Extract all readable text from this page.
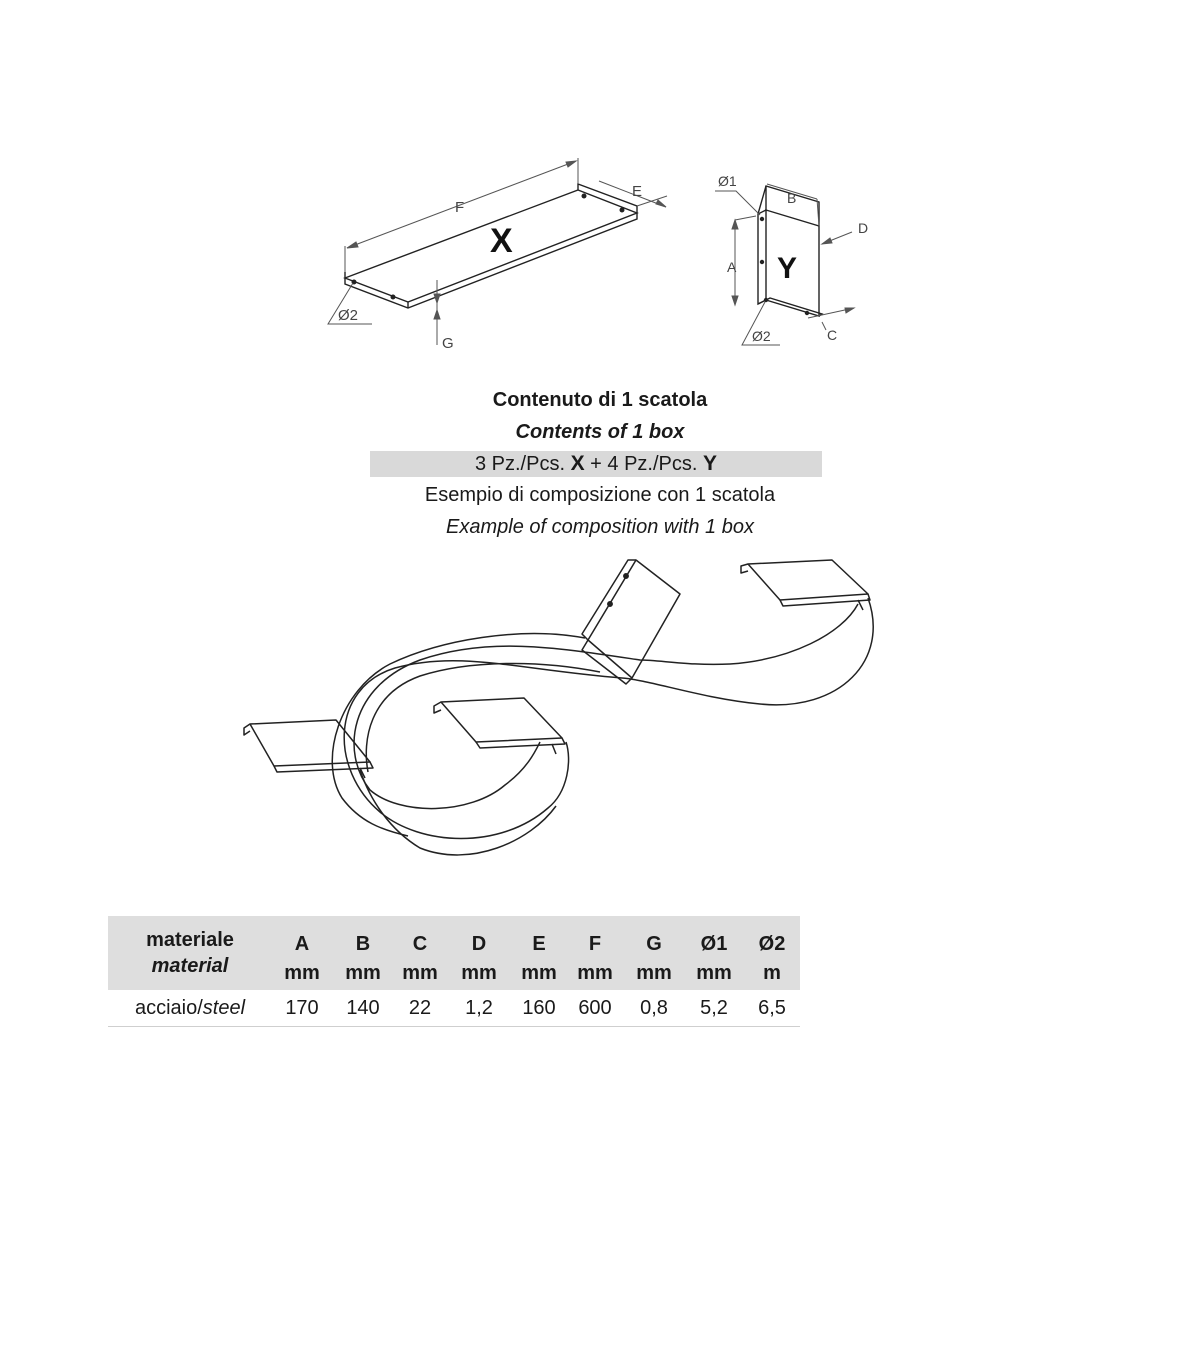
F
E
G
Ø2
X
Ø1
B
D
A
C
Ø2
Y
Contenuto di 1 scatola
Contents of 1 box
3 Pz./Pcs. X + 4 Pz./Pcs. Y
Esempio di composizione con 1 scatola
Example of composition with 1 box
materiale
material	A	B	C	D	E	F	G	Ø1	Ø2
	mm	mm	mm	mm	mm	mm	mm	mm	m
acciaio/steel	170	140	22	1,2	160	600	0,8	5,2	6,5
